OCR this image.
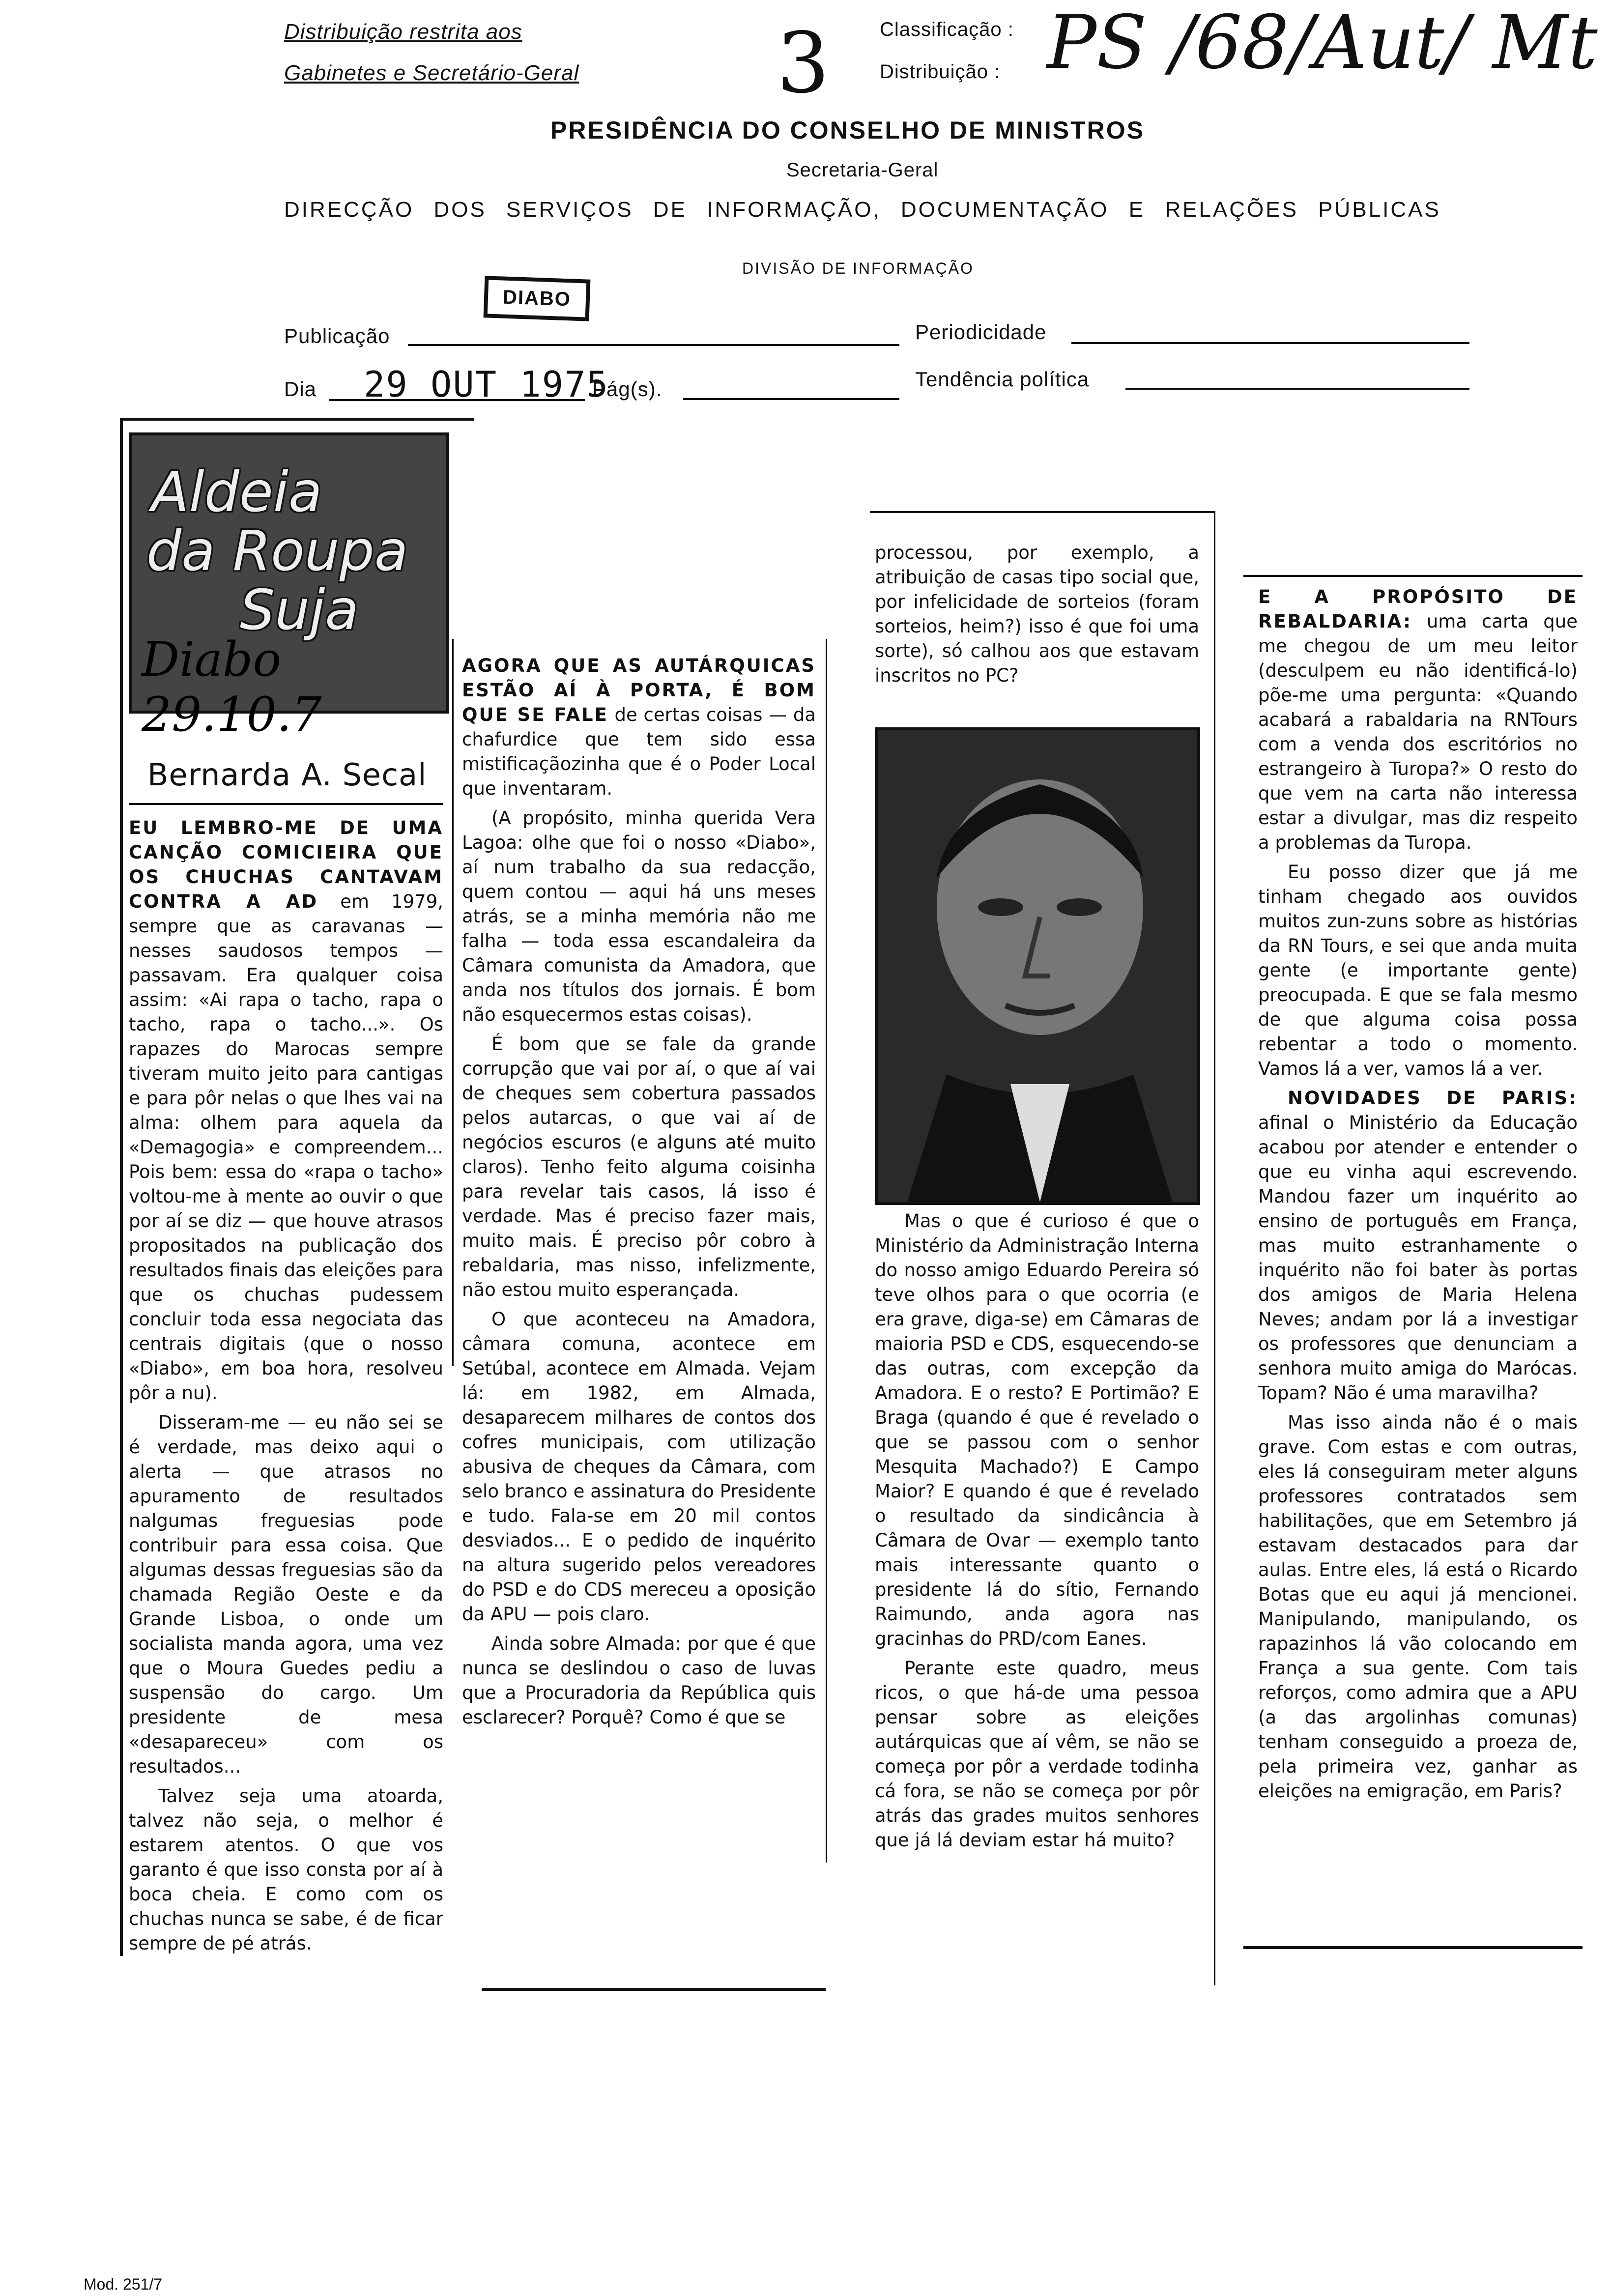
Distribuição restrita aos
Gabinetes e Secretário-Geral 3	Classificação :
Distribuição : PS /68/Aut/ Mt
PRESIDÊNCIA DO CONSELHO DE MINISTROS
Secretaria-Geral
DIRECÇÃO DOS SERVIÇOS DE INFORMAÇÃO, DOCUMENTAÇÃO E RELAÇÕES PÚBLICAS
DIVISÃO DE INFORMAÇÃO
Publicação
DIABO
Periodicidade
Dia 29 OUT 1975
Pág(s).	Tendência política
Aldeia
da Roupa
Suja
Diabo 29.10.7
Bernarda A. Secal

EU LEMBRO-ME DE UMA CANÇÃO COMICIEIRA QUE OS CHUCHAS CANTAVAM CONTRA A AD em 1979, sempre que as caravanas — nesses saudosos tempos — passavam. Era qualquer coisa assim: «Ai rapa o tacho, rapa o tacho, rapa o tacho...». Os rapazes do Marocas sempre tiveram muito jeito para cantigas e para pôr nelas o que lhes vai na alma: olhem para aquela da «Demagogia» e compreendem... Pois bem: essa do «rapa o tacho» voltou-me à mente ao ouvir o que por aí se diz — que houve atrasos propositados na publicação dos resultados finais das eleições para que os chuchas pudessem concluir toda essa negociata das centrais digitais (que o nosso «Diabo», em boa hora, resolveu pôr a nu).

Disseram-me — eu não sei se é verdade, mas deixo aqui o alerta — que atrasos no apuramento de resultados nalgumas freguesias pode contribuir para essa coisa. Que algumas dessas freguesias são da chamada Região Oeste e da Grande Lisboa, o onde um socialista manda agora, uma vez que o Moura Guedes pediu a suspensão do cargo. Um presidente de mesa «desapareceu» com os resultados...

Talvez seja uma atoarda, talvez não seja, o melhor é estarem atentos. O que vos garanto é que isso consta por aí à boca cheia. E como com os chuchas nunca se sabe, é de ficar sempre de pé atrás.

AGORA QUE AS AUTÁRQUICAS ESTÃO AÍ À PORTA, É BOM QUE SE FALE de certas coisas — da chafurdice que tem sido essa mistificaçãozinha que é o Poder Local que inventaram.

(A propósito, minha querida Vera Lagoa: olhe que foi o nosso «Diabo», aí num trabalho da sua redacção, quem contou — aqui há uns meses atrás, se a minha memória não me falha — toda essa escandaleira da Câmara comunista da Amadora, que anda nos títulos dos jornais. É bom não esquecermos estas coisas).

É bom que se fale da grande corrupção que vai por aí, o que aí vai de cheques sem cobertura passados pelos autarcas, o que vai aí de negócios escuros (e alguns até muito claros). Tenho feito alguma coisinha para revelar tais casos, lá isso é verdade. Mas é preciso fazer mais, muito mais. É preciso pôr cobro à rebaldaria, mas nisso, infelizmente, não estou muito esperançada.

O que aconteceu na Amadora, câmara comuna, acontece em Setúbal, acontece em Almada. Vejam lá: em 1982, em Almada, desaparecem milhares de contos dos cofres municipais, com utilização abusiva de cheques da Câmara, com selo branco e assinatura do Presidente e tudo. Fala-se em 20 mil contos desviados... E o pedido de inquérito na altura sugerido pelos vereadores do PSD e do CDS mereceu a oposição da APU — pois claro.

Ainda sobre Almada: por que é que nunca se deslindou o caso de luvas que a Procuradoria da República quis esclarecer? Porquê? Como é que se

processou, por exemplo, a atribuição de casas tipo social que, por infelicidade de sorteios (foram sorteios, heim?) isso é que foi uma sorte), só calhou aos que estavam inscritos no PC?

Mas o que é curioso é que o Ministério da Administração Interna do nosso amigo Eduardo Pereira só teve olhos para o que ocorria (e era grave, diga-se) em Câmaras de maioria PSD e CDS, esquecendo-se das outras, com excepção da Amadora. E o resto? E Portimão? E Braga (quando é que é revelado o que se passou com o senhor Mesquita Machado?) E Campo Maior? E quando é que é revelado o resultado da sindicância à Câmara de Ovar — exemplo tanto mais interessante quanto o presidente lá do sítio, Fernando Raimundo, anda agora nas gracinhas do PRD/com Eanes.

Perante este quadro, meus ricos, o que há-de uma pessoa pensar sobre as eleições autárquicas que aí vêm, se não se começa por pôr a verdade todinha cá fora, se não se começa por pôr atrás das grades muitos senhores que já lá deviam estar há muito?

E A PROPÓSITO DE REBALDARIA: uma carta que me chegou de um meu leitor (desculpem eu não identificá-lo) põe-me uma pergunta: «Quando acabará a rabaldaria na RNTours com a venda dos escritórios no estrangeiro à Turopa?» O resto do que vem na carta não interessa estar a divulgar, mas diz respeito a problemas da Turopa.

Eu posso dizer que já me tinham chegado aos ouvidos muitos zun-zuns sobre as histórias da RN Tours, e sei que anda muita gente (e importante gente) preocupada. E que se fala mesmo de que alguma coisa possa rebentar a todo o momento. Vamos lá a ver, vamos lá a ver.

NOVIDADES DE PARIS: afinal o Ministério da Educação acabou por atender e entender o que eu vinha aqui escrevendo. Mandou fazer um inquérito ao ensino de português em França, mas muito estranhamente o inquérito não foi bater às portas dos amigos de Maria Helena Neves; andam por lá a investigar os professores que denunciam a senhora muito amiga do Marócas. Topam? Não é uma maravilha?

Mas isso ainda não é o mais grave. Com estas e com outras, eles lá conseguiram meter alguns professores contratados sem habilitações, que em Setembro já estavam destacados para dar aulas. Entre eles, lá está o Ricardo Botas que eu aqui já mencionei. Manipulando, manipulando, os rapazinhos lá vão colocando em França a sua gente. Com tais reforços, como admira que a APU (a das argolinhas comunas) tenham conseguido a proeza de, pela primeira vez, ganhar as eleições na emigração, em Paris?

Mod. 251/7
